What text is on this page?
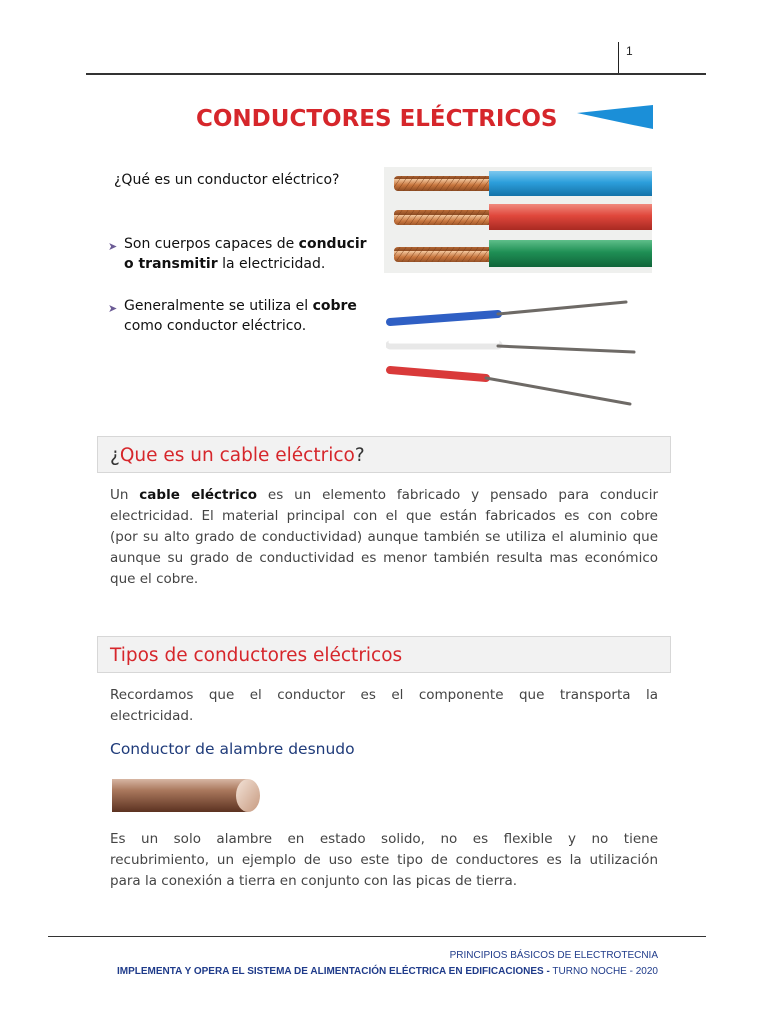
1
CONDUCTORES ELÉCTRICOS
¿Qué es un conductor eléctrico?
➤ Son cuerpos capaces de conducir
o transmitir la electricidad.
➤ Generalmente se utiliza el cobre
como conductor eléctrico.
¿Que es un cable eléctrico?
Un cable eléctrico es un elemento fabricado y pensado para conducir
electricidad. El material principal con el que están fabricados es con cobre
(por su alto grado de conductividad) aunque también se utiliza el aluminio que
aunque su grado de conductividad es menor también resulta mas económico
que el cobre.
Tipos de conductores eléctricos
Recordamos que el conductor es el componente que transporta la
electricidad.
Conductor de alambre desnudo
Es un solo alambre en estado solido, no es flexible y no tiene
recubrimiento, un ejemplo de uso este tipo de conductores es la utilización
para la conexión a tierra en conjunto con las picas de tierra.
PRINCIPIOS BÁSICOS DE ELECTROTECNIA
IMPLEMENTA Y OPERA EL SISTEMA DE ALIMENTACIÓN ELÉCTRICA EN EDIFICACIONES - TURNO NOCHE - 2020
